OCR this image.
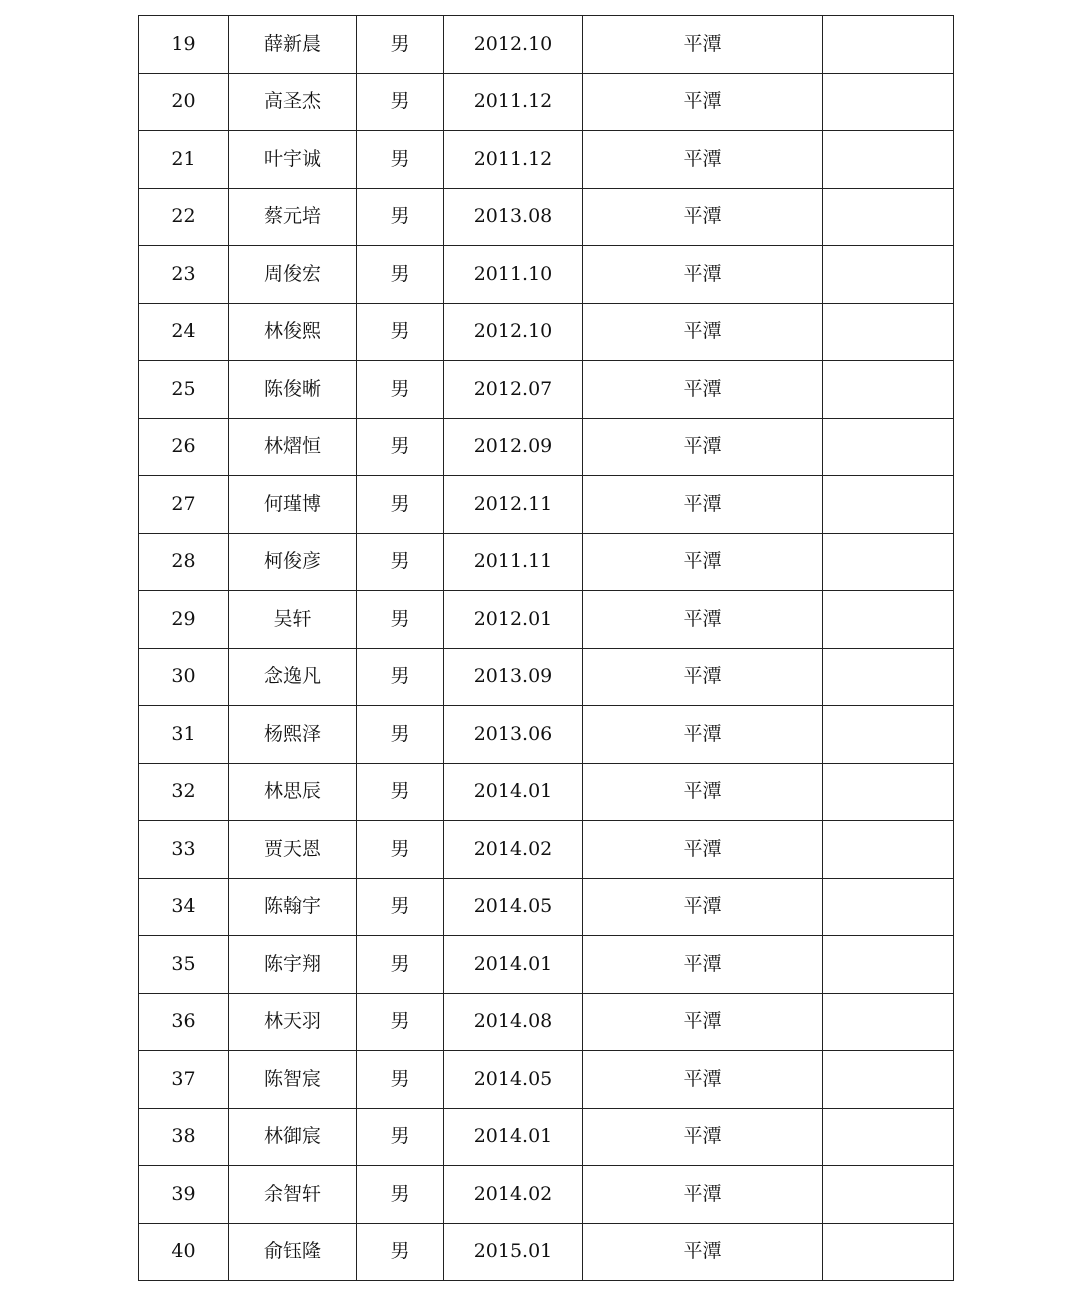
19	薛新晨	男	2012.10	平潭	
20	高圣杰	男	2011.12	平潭	
21	叶宇诚	男	2011.12	平潭	
22	蔡元培	男	2013.08	平潭	
23	周俊宏	男	2011.10	平潭	
24	林俊熙	男	2012.10	平潭	
25	陈俊晰	男	2012.07	平潭	
26	林熠恒	男	2012.09	平潭	
27	何瑾博	男	2012.11	平潭	
28	柯俊彦	男	2011.11	平潭	
29	吴轩	男	2012.01	平潭	
30	念逸凡	男	2013.09	平潭	
31	杨熙泽	男	2013.06	平潭	
32	林思辰	男	2014.01	平潭	
33	贾天恩	男	2014.02	平潭	
34	陈翰宇	男	2014.05	平潭	
35	陈宇翔	男	2014.01	平潭	
36	林天羽	男	2014.08	平潭	
37	陈智宸	男	2014.05	平潭	
38	林御宸	男	2014.01	平潭	
39	余智轩	男	2014.02	平潭	
40	俞钰隆	男	2015.01	平潭	
